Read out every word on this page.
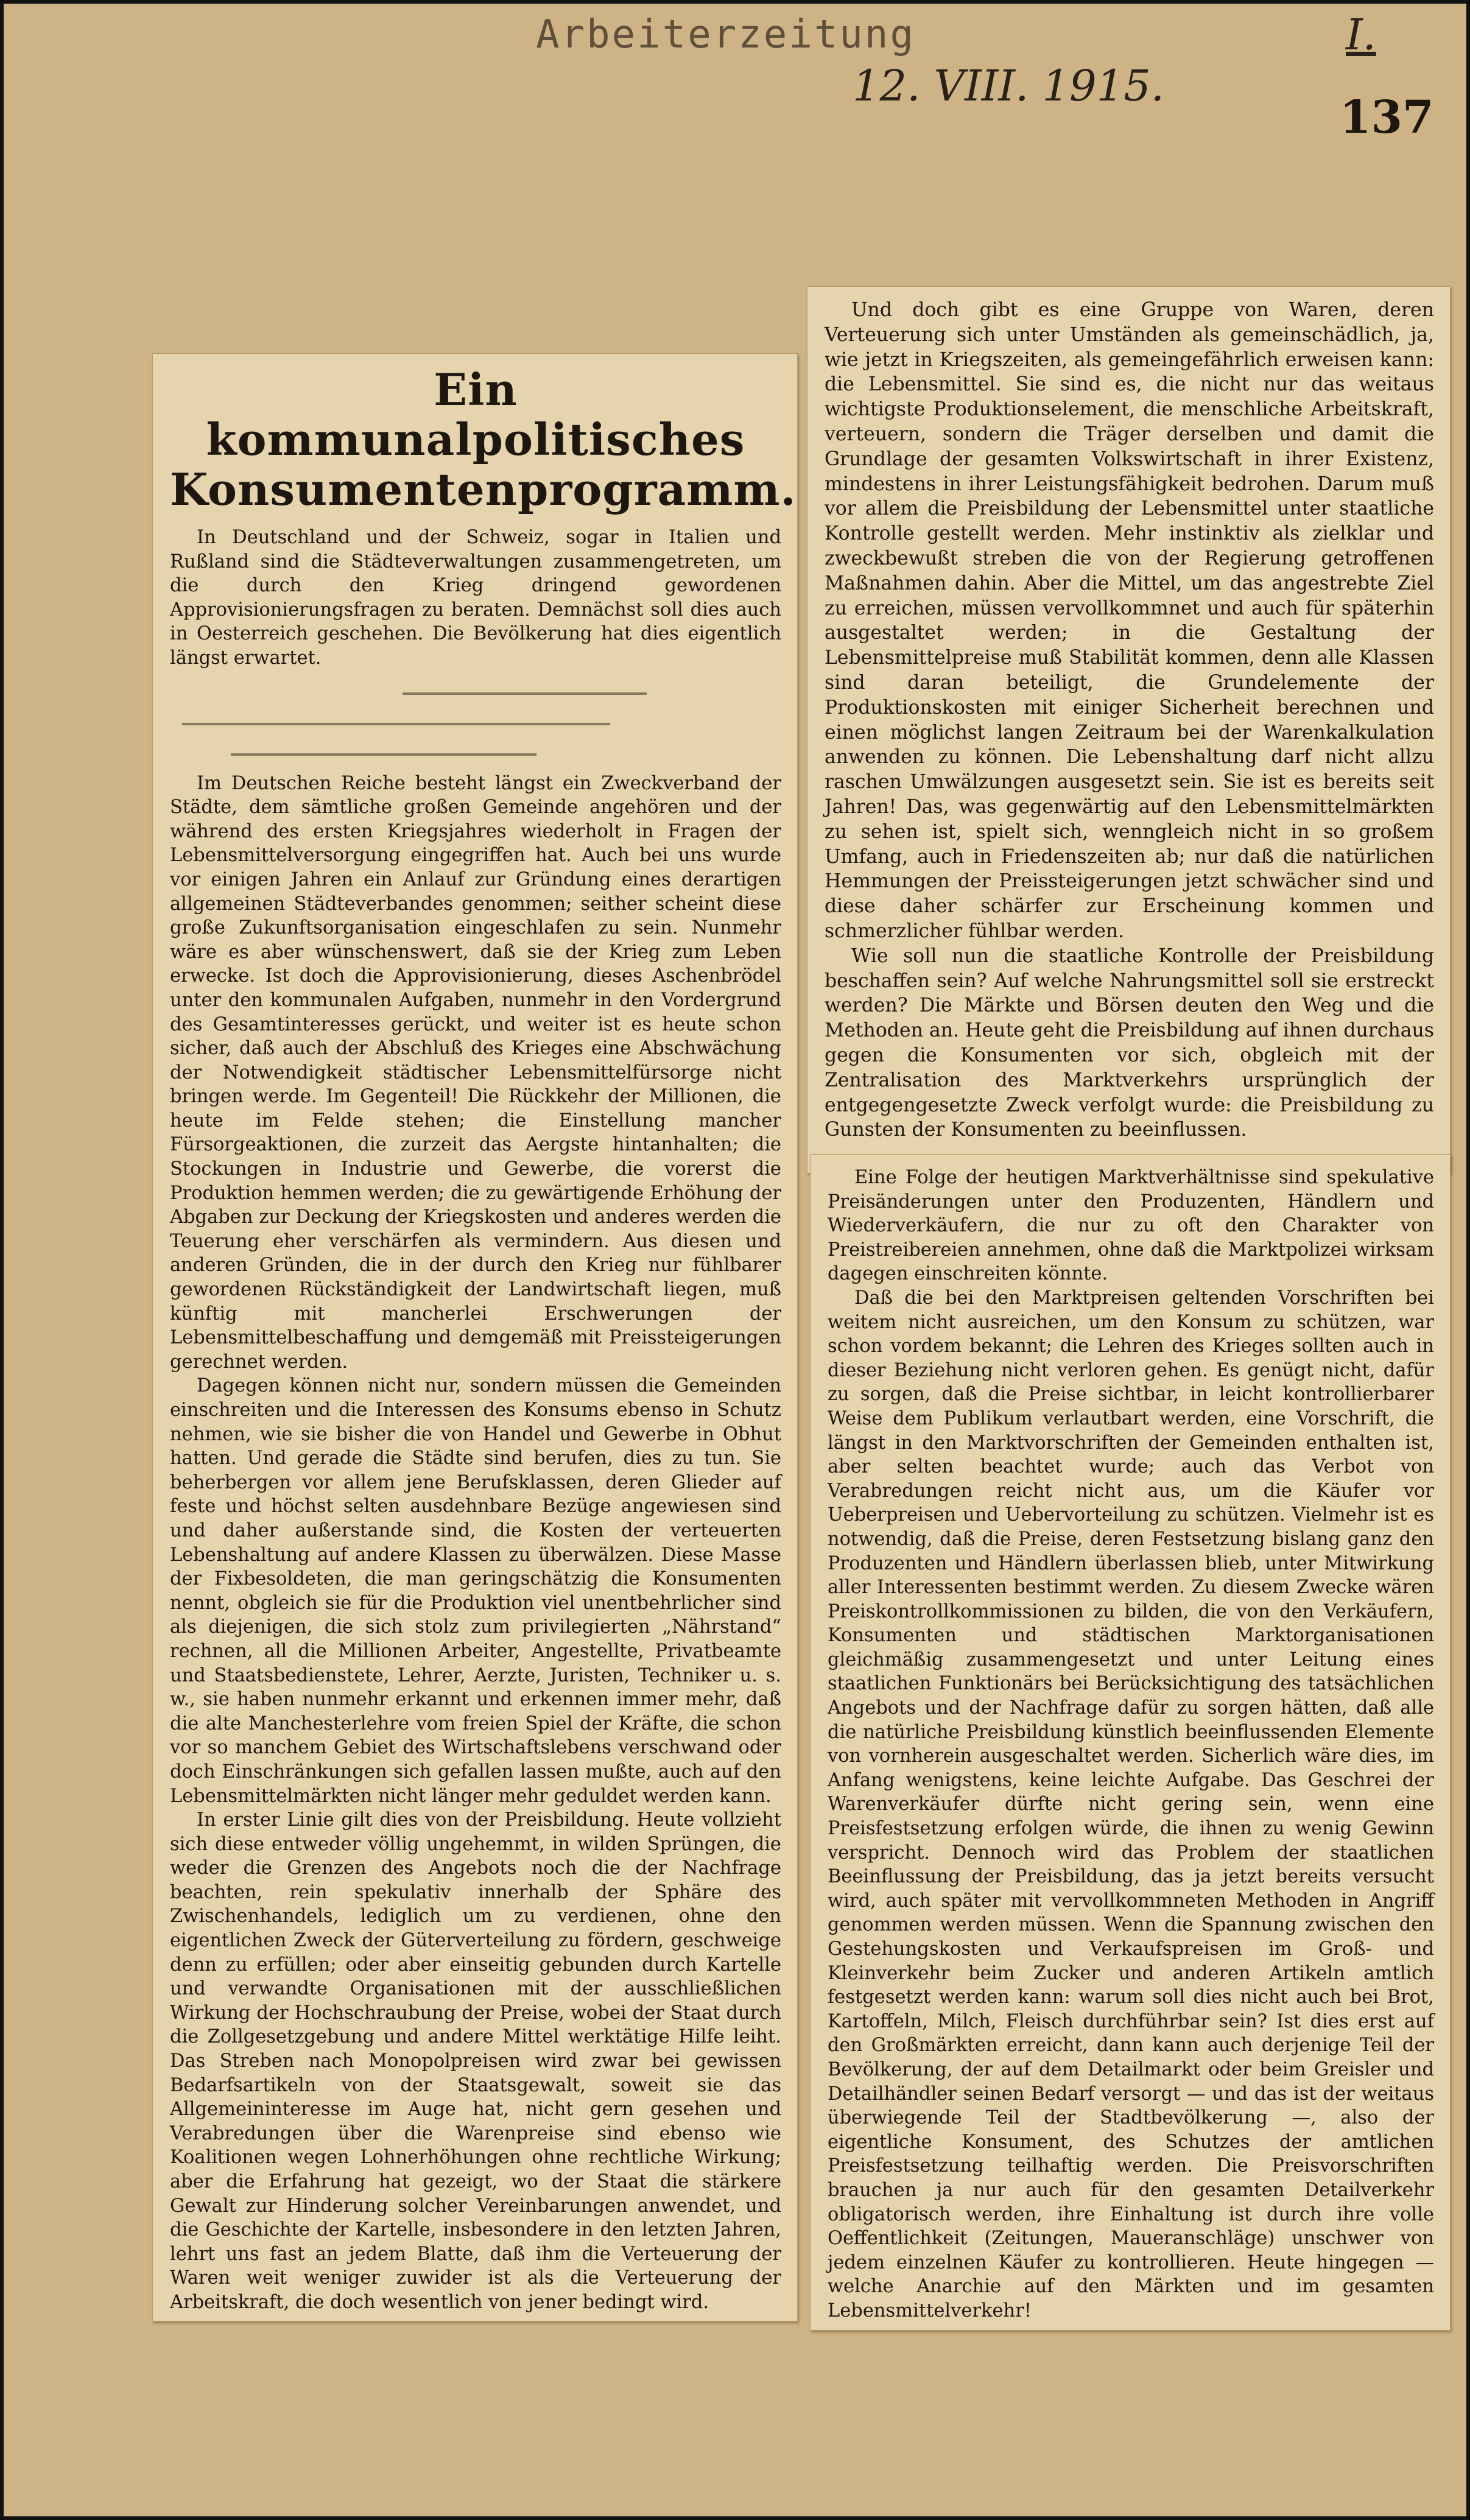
Arbeiterzeitung
12. VIII. 1915.
I.
137
Ein kommunalpolitisches Konsumentenprogramm.

In Deutschland und der Schweiz, sogar in Italien und Rußland sind die Städteverwaltungen zusammengetreten, um die durch den Krieg dringend gewordenen Approvisionierungsfragen zu beraten. Demnächst soll dies auch in Oesterreich geschehen. Die Bevölkerung hat dies eigentlich längst erwartet.

Im Deutschen Reiche besteht längst ein Zweckverband der Städte, dem sämtliche großen Gemeinde angehören und der während des ersten Kriegsjahres wiederholt in Fragen der Lebensmittelversorgung eingegriffen hat. Auch bei uns wurde vor einigen Jahren ein Anlauf zur Gründung eines derartigen allgemeinen Städteverbandes genommen; seither scheint diese große Zukunftsorganisation eingeschlafen zu sein. Nunmehr wäre es aber wünschenswert, daß sie der Krieg zum Leben erwecke. Ist doch die Approvisionierung, dieses Aschenbrödel unter den kommunalen Aufgaben, nunmehr in den Vordergrund des Gesamtinteresses gerückt, und weiter ist es heute schon sicher, daß auch der Abschluß des Krieges eine Abschwächung der Notwendigkeit städtischer Lebensmittelfürsorge nicht bringen werde. Im Gegenteil! Die Rückkehr der Millionen, die heute im Felde stehen; die Einstellung mancher Fürsorgeaktionen, die zurzeit das Aergste hintanhalten; die Stockungen in Industrie und Gewerbe, die vorerst die Produktion hemmen werden; die zu gewärtigende Erhöhung der Abgaben zur Deckung der Kriegskosten und anderes werden die Teuerung eher verschärfen als vermindern. Aus diesen und anderen Gründen, die in der durch den Krieg nur fühlbarer gewordenen Rückständigkeit der Landwirtschaft liegen, muß künftig mit mancherlei Erschwerungen der Lebensmittelbeschaffung und demgemäß mit Preissteigerungen gerechnet werden.

Dagegen können nicht nur, sondern müssen die Gemeinden einschreiten und die Interessen des Konsums ebenso in Schutz nehmen, wie sie bisher die von Handel und Gewerbe in Obhut hatten. Und gerade die Städte sind berufen, dies zu tun. Sie beherbergen vor allem jene Berufsklassen, deren Glieder auf feste und höchst selten ausdehnbare Bezüge angewiesen sind und daher außerstande sind, die Kosten der verteuerten Lebenshaltung auf andere Klassen zu überwälzen. Diese Masse der Fixbesoldeten, die man geringschätzig die Konsumenten nennt, obgleich sie für die Produktion viel unentbehrlicher sind als diejenigen, die sich stolz zum privilegierten „Nährstand“ rechnen, all die Millionen Arbeiter, Angestellte, Privatbeamte und Staatsbedienstete, Lehrer, Aerzte, Juristen, Techniker u. s. w., sie haben nunmehr erkannt und erkennen immer mehr, daß die alte Manchesterlehre vom freien Spiel der Kräfte, die schon vor so manchem Gebiet des Wirtschaftslebens verschwand oder doch Einschränkungen sich gefallen lassen mußte, auch auf den Lebensmittelmärkten nicht länger mehr geduldet werden kann.

In erster Linie gilt dies von der Preisbildung. Heute vollzieht sich diese entweder völlig ungehemmt, in wilden Sprüngen, die weder die Grenzen des Angebots noch die der Nachfrage beachten, rein spekulativ innerhalb der Sphäre des Zwischenhandels, lediglich um zu verdienen, ohne den eigentlichen Zweck der Güterverteilung zu fördern, geschweige denn zu erfüllen; oder aber einseitig gebunden durch Kartelle und verwandte Organisationen mit der ausschließlichen Wirkung der Hochschraubung der Preise, wobei der Staat durch die Zollgesetzgebung und andere Mittel werktätige Hilfe leiht. Das Streben nach Monopolpreisen wird zwar bei gewissen Bedarfsartikeln von der Staatsgewalt, soweit sie das Allgemeininteresse im Auge hat, nicht gern gesehen und Verabredungen über die Warenpreise sind ebenso wie Koalitionen wegen Lohnerhöhungen ohne rechtliche Wirkung; aber die Erfahrung hat gezeigt, wo der Staat die stärkere Gewalt zur Hinderung solcher Vereinbarungen anwendet, und die Geschichte der Kartelle, insbesondere in den letzten Jahren, lehrt uns fast an jedem Blatte, daß ihm die Verteuerung der Waren weit weniger zuwider ist als die Verteuerung der Arbeitskraft, die doch wesentlich von jener bedingt wird.

Und doch gibt es eine Gruppe von Waren, deren Verteuerung sich unter Umständen als gemeinschädlich, ja, wie jetzt in Kriegszeiten, als gemeingefährlich erweisen kann: die Lebensmittel. Sie sind es, die nicht nur das weitaus wichtigste Produktionselement, die menschliche Arbeitskraft, verteuern, sondern die Träger derselben und damit die Grundlage der gesamten Volkswirtschaft in ihrer Existenz, mindestens in ihrer Leistungsfähigkeit bedrohen. Darum muß vor allem die Preisbildung der Lebensmittel unter staatliche Kontrolle gestellt werden. Mehr instinktiv als zielklar und zweckbewußt streben die von der Regierung getroffenen Maßnahmen dahin. Aber die Mittel, um das angestrebte Ziel zu erreichen, müssen vervollkommnet und auch für späterhin ausgestaltet werden; in die Gestaltung der Lebensmittelpreise muß Stabilität kommen, denn alle Klassen sind daran beteiligt, die Grundelemente der Produktionskosten mit einiger Sicherheit berechnen und einen möglichst langen Zeitraum bei der Warenkalkulation anwenden zu können. Die Lebenshaltung darf nicht allzu raschen Umwälzungen ausgesetzt sein. Sie ist es bereits seit Jahren! Das, was gegenwärtig auf den Lebensmittelmärkten zu sehen ist, spielt sich, wenngleich nicht in so großem Umfang, auch in Friedenszeiten ab; nur daß die natürlichen Hemmungen der Preissteigerungen jetzt schwächer sind und diese daher schärfer zur Erscheinung kommen und schmerzlicher fühlbar werden.

Wie soll nun die staatliche Kontrolle der Preisbildung beschaffen sein? Auf welche Nahrungsmittel soll sie erstreckt werden? Die Märkte und Börsen deuten den Weg und die Methoden an. Heute geht die Preisbildung auf ihnen durchaus gegen die Konsumenten vor sich, obgleich mit der Zentralisation des Marktverkehrs ursprünglich der entgegengesetzte Zweck verfolgt wurde: die Preisbildung zu Gunsten der Konsumenten zu beeinflussen.

Eine Folge der heutigen Marktverhältnisse sind spekulative Preisänderungen unter den Produzenten, Händlern und Wiederverkäufern, die nur zu oft den Charakter von Preistreibereien annehmen, ohne daß die Marktpolizei wirksam dagegen einschreiten könnte.

Daß die bei den Marktpreisen geltenden Vorschriften bei weitem nicht ausreichen, um den Konsum zu schützen, war schon vordem bekannt; die Lehren des Krieges sollten auch in dieser Beziehung nicht verloren gehen. Es genügt nicht, dafür zu sorgen, daß die Preise sichtbar, in leicht kontrollierbarer Weise dem Publikum verlautbart werden, eine Vorschrift, die längst in den Marktvorschriften der Gemeinden enthalten ist, aber selten beachtet wurde; auch das Verbot von Verabredungen reicht nicht aus, um die Käufer vor Ueberpreisen und Uebervorteilung zu schützen. Vielmehr ist es notwendig, daß die Preise, deren Festsetzung bislang ganz den Produzenten und Händlern überlassen blieb, unter Mitwirkung aller Interessenten bestimmt werden. Zu diesem Zwecke wären Preiskontrollkommissionen zu bilden, die von den Verkäufern, Konsumenten und städtischen Marktorganisationen gleichmäßig zusammengesetzt und unter Leitung eines staatlichen Funktionärs bei Berücksichtigung des tatsächlichen Angebots und der Nachfrage dafür zu sorgen hätten, daß alle die natürliche Preisbildung künstlich beeinflussenden Elemente von vornherein ausgeschaltet werden. Sicherlich wäre dies, im Anfang wenigstens, keine leichte Aufgabe. Das Geschrei der Warenverkäufer dürfte nicht gering sein, wenn eine Preisfestsetzung erfolgen würde, die ihnen zu wenig Gewinn verspricht. Dennoch wird das Problem der staatlichen Beeinflussung der Preisbildung, das ja jetzt bereits versucht wird, auch später mit vervollkommneten Methoden in Angriff genommen werden müssen. Wenn die Spannung zwischen den Gestehungskosten und Verkaufspreisen im Groß- und Kleinverkehr beim Zucker und anderen Artikeln amtlich festgesetzt werden kann: warum soll dies nicht auch bei Brot, Kartoffeln, Milch, Fleisch durchführbar sein? Ist dies erst auf den Großmärkten erreicht, dann kann auch derjenige Teil der Bevölkerung, der auf dem Detailmarkt oder beim Greisler und Detailhändler seinen Bedarf versorgt — und das ist der weitaus überwiegende Teil der Stadtbevölkerung —, also der eigentliche Konsument, des Schutzes der amtlichen Preisfestsetzung teilhaftig werden. Die Preisvorschriften brauchen ja nur auch für den gesamten Detailverkehr obligatorisch werden, ihre Einhaltung ist durch ihre volle Oeffentlichkeit (Zeitungen, Maueranschläge) unschwer von jedem einzelnen Käufer zu kontrollieren. Heute hingegen — welche Anarchie auf den Märkten und im gesamten Lebensmittelverkehr!
